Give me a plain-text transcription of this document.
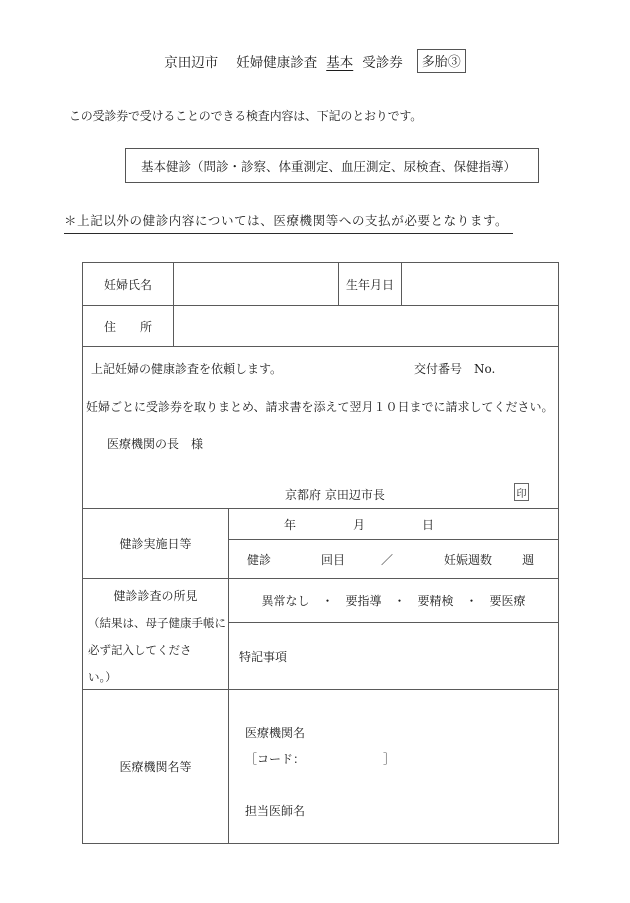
京田辺市 妊婦健康診査 基本 受診券	多胎③
この受診券で受けることのできる検査内容は、下記のとおりです。
基本健診（問診・診察、体重測定、血圧測定、尿検査、保健指導）
＊上記以外の健診内容については、医療機関等への支払が必要となります。
妊婦氏名	生年月日
住　　所
上記妊婦の健康診査を依頼します。	交付番号　No.
妊婦ごとに受診券を取りまとめ、請求書を添えて翌月１０日までに請求してください。
医療機関の長　様
京都府 京田辺市長	印
健診実施日等
年	月	日
健診	回目	／	妊娠週数	週
健診診査の所見
（結果は、母子健康手帳に
必ず記入してくださ
い。）
異常なし　・　要指導　・　要精検　・　要医療
特記事項
医療機関名等
医療機関名
［コード：　　　　　　　］
担当医師名
